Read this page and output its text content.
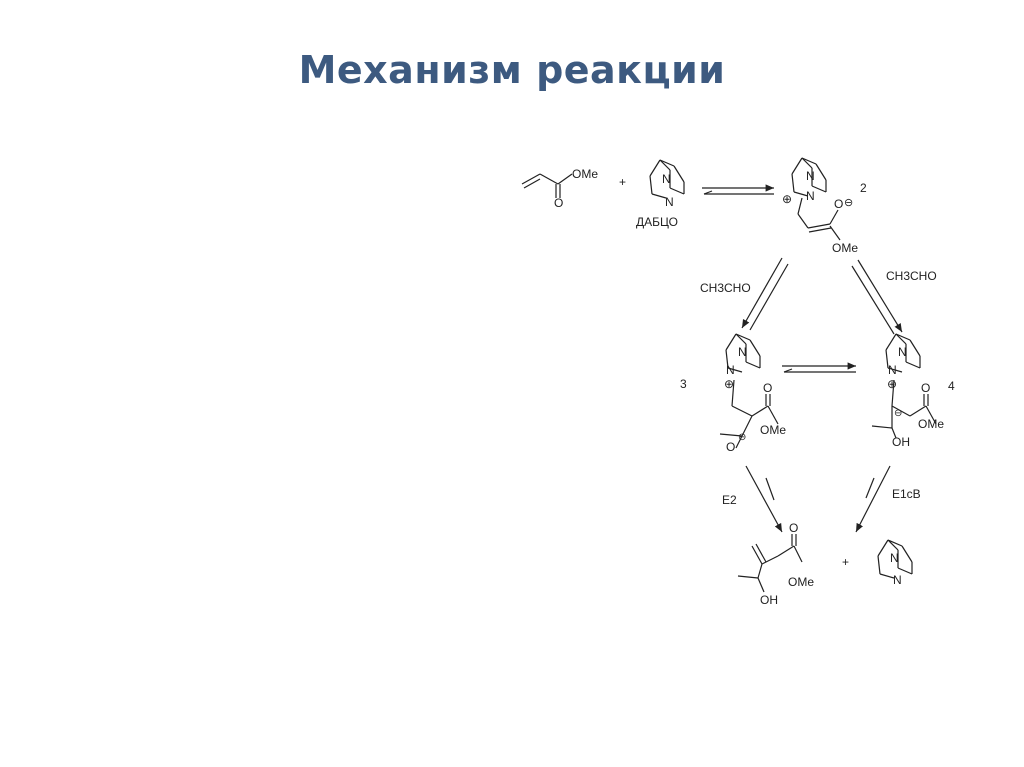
Механизм реакции
OMe
O
+	N
N
ДАБЦО
N
N
⊕	O ⊖
OMe
2
CH3CHO
CH3CHO
N
N
⊕
3	O
OMe
O
⊖
N
N
⊕	4
O
⊖
OMe
OH
E2	E1cB
O
OMe
OH
+	N
N
